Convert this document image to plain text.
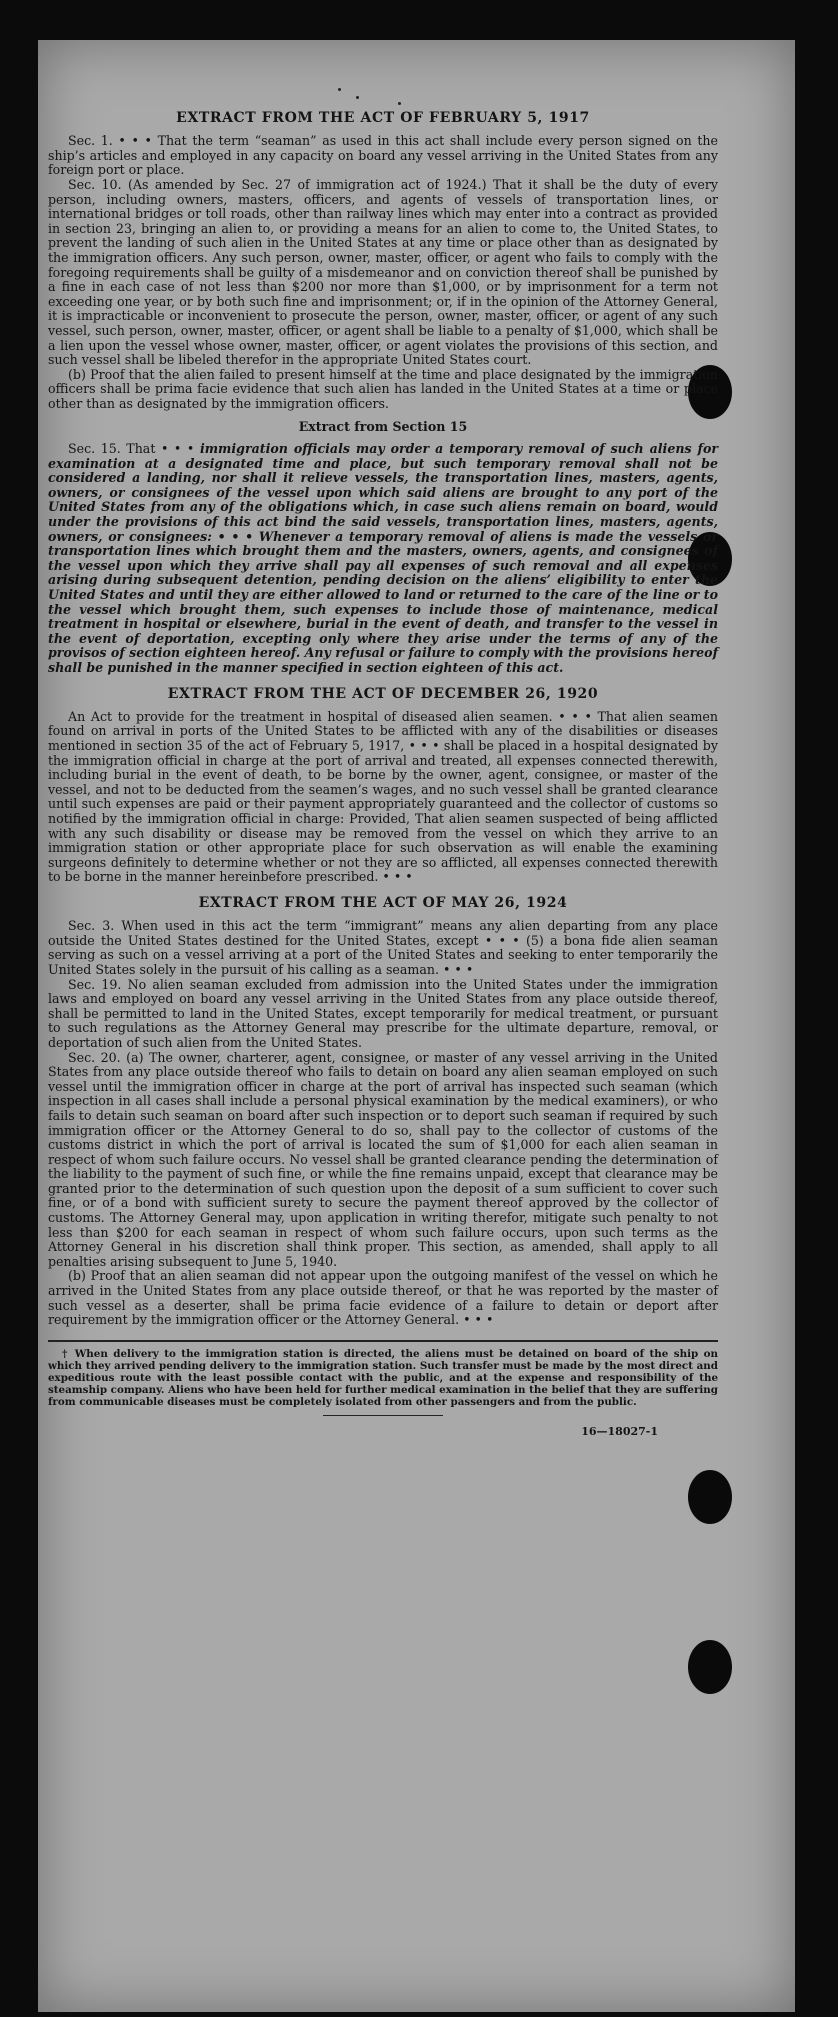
EXTRACT FROM THE ACT OF FEBRUARY 5, 1917

Sec. 1. • • • That the term “seaman” as used in this act shall include every person signed on the ship’s articles and employed in any capacity on board any vessel arriving in the United States from any foreign port or place.

Sec. 10. (As amended by Sec. 27 of immigration act of 1924.) That it shall be the duty of every person, including owners, masters, officers, and agents of vessels of transportation lines, or international bridges or toll roads, other than railway lines which may enter into a contract as provided in section 23, bringing an alien to, or providing a means for an alien to come to, the United States, to prevent the landing of such alien in the United States at any time or place other than as designated by the immigration officers. Any such person, owner, master, officer, or agent who fails to comply with the foregoing requirements shall be guilty of a misdemeanor and on conviction thereof shall be punished by a fine in each case of not less than $200 nor more than $1,000, or by imprisonment for a term not exceeding one year, or by both such fine and imprisonment; or, if in the opinion of the Attorney General, it is impracticable or inconvenient to prosecute the person, owner, master, officer, or agent of any such vessel, such person, owner, master, officer, or agent shall be liable to a penalty of $1,000, which shall be a lien upon the vessel whose owner, master, officer, or agent violates the provisions of this section, and such vessel shall be libeled therefor in the appropriate United States court.

(b) Proof that the alien failed to present himself at the time and place designated by the immigration officers shall be prima facie evidence that such alien has landed in the United States at a time or place other than as designated by the immigration officers.

Extract from Section 15

Sec. 15. That • • • immigration officials may order a temporary removal of such aliens for examination at a designated time and place, but such temporary removal shall not be considered a landing, nor shall it relieve vessels, the transportation lines, masters, agents, owners, or consignees of the vessel upon which said aliens are brought to any port of the United States from any of the obligations which, in case such aliens remain on board, would under the provisions of this act bind the said vessels, transportation lines, masters, agents, owners, or consignees: • • • Whenever a temporary removal of aliens is made the vessels or transportation lines which brought them and the masters, owners, agents, and consignees of the vessel upon which they arrive shall pay all expenses of such removal and all expenses arising during subsequent detention, pending decision on the aliens’ eligibility to enter the United States and until they are either allowed to land or returned to the care of the line or to the vessel which brought them, such expenses to include those of maintenance, medical treatment in hospital or elsewhere, burial in the event of death, and transfer to the vessel in the event of deportation, excepting only where they arise under the terms of any of the provisos of section eighteen hereof. Any refusal or failure to comply with the provisions hereof shall be punished in the manner specified in section eighteen of this act.

EXTRACT FROM THE ACT OF DECEMBER 26, 1920

An Act to provide for the treatment in hospital of diseased alien seamen. • • • That alien seamen found on arrival in ports of the United States to be afflicted with any of the disabilities or diseases mentioned in section 35 of the act of February 5, 1917, • • • shall be placed in a hospital designated by the immigration official in charge at the port of arrival and treated, all expenses connected therewith, including burial in the event of death, to be borne by the owner, agent, consignee, or master of the vessel, and not to be deducted from the seamen’s wages, and no such vessel shall be granted clearance until such expenses are paid or their payment appropriately guaranteed and the collector of customs so notified by the immigration official in charge: Provided, That alien seamen suspected of being afflicted with any such disability or disease may be removed from the vessel on which they arrive to an immigration station or other appropriate place for such observation as will enable the examining surgeons definitely to determine whether or not they are so afflicted, all expenses connected therewith to be borne in the manner hereinbefore prescribed. • • •

EXTRACT FROM THE ACT OF MAY 26, 1924

Sec. 3. When used in this act the term “immigrant” means any alien departing from any place outside the United States destined for the United States, except • • • (5) a bona fide alien seaman serving as such on a vessel arriving at a port of the United States and seeking to enter temporarily the United States solely in the pursuit of his calling as a seaman. • • •

Sec. 19. No alien seaman excluded from admission into the United States under the immigration laws and employed on board any vessel arriving in the United States from any place outside thereof, shall be permitted to land in the United States, except temporarily for medical treatment, or pursuant to such regulations as the Attorney General may prescribe for the ultimate departure, removal, or deportation of such alien from the United States.

Sec. 20. (a) The owner, charterer, agent, consignee, or master of any vessel arriving in the United States from any place outside thereof who fails to detain on board any alien seaman employed on such vessel until the immigration officer in charge at the port of arrival has inspected such seaman (which inspection in all cases shall include a personal physical examination by the medical examiners), or who fails to detain such seaman on board after such inspection or to deport such seaman if required by such immigration officer or the Attorney General to do so, shall pay to the collector of customs of the customs district in which the port of arrival is located the sum of $1,000 for each alien seaman in respect of whom such failure occurs. No vessel shall be granted clearance pending the determination of the liability to the payment of such fine, or while the fine remains unpaid, except that clearance may be granted prior to the determination of such question upon the deposit of a sum sufficient to cover such fine, or of a bond with sufficient surety to secure the payment thereof approved by the collector of customs. The Attorney General may, upon application in writing therefor, mitigate such penalty to not less than $200 for each seaman in respect of whom such failure occurs, upon such terms as the Attorney General in his discretion shall think proper. This section, as amended, shall apply to all penalties arising subsequent to June 5, 1940.

(b) Proof that an alien seaman did not appear upon the outgoing manifest of the vessel on which he arrived in the United States from any place outside thereof, or that he was reported by the master of such vessel as a deserter, shall be prima facie evidence of a failure to detain or deport after requirement by the immigration officer or the Attorney General. • • •

† When delivery to the immigration station is directed, the aliens must be detained on board of the ship on which they arrived pending delivery to the immigration station. Such transfer must be made by the most direct and expeditious route with the least possible contact with the public, and at the expense and responsibility of the steamship company. Aliens who have been held for further medical examination in the belief that they are suffering from communicable diseases must be completely isolated from other passengers and from the public.

16—18027-1
